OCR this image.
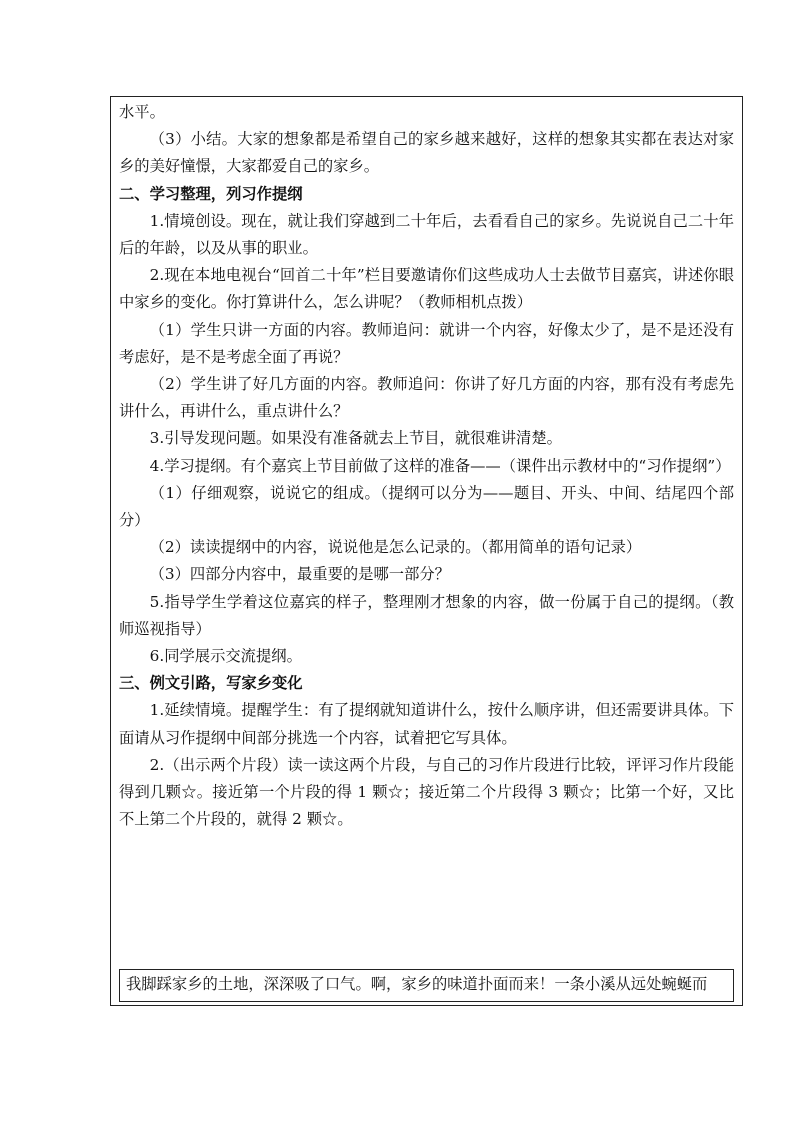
水平。

（3）小结。大家的想象都是希望自己的家乡越来越好，这样的想象其实都在表达对家乡的美好憧憬，大家都爱自己的家乡。

二、学习整理，列习作提纲

1.情境创设。现在，就让我们穿越到二十年后，去看看自己的家乡。先说说自己二十年后的年龄，以及从事的职业。

2.现在本地电视台“回首二十年”栏目要邀请你们这些成功人士去做节目嘉宾，讲述你眼中家乡的变化。你打算讲什么，怎么讲呢？（教师相机点拨）

（1）学生只讲一方面的内容。教师追问：就讲一个内容，好像太少了，是不是还没有考虑好，是不是考虑全面了再说？

（2）学生讲了好几方面的内容。教师追问：你讲了好几方面的内容，那有没有考虑先讲什么，再讲什么，重点讲什么？

3.引导发现问题。如果没有准备就去上节目，就很难讲清楚。

4.学习提纲。有个嘉宾上节目前做了这样的准备——（课件出示教材中的“习作提纲”）

（1）仔细观察，说说它的组成。（提纲可以分为——题目、开头、中间、结尾四个部分）

（2）读读提纲中的内容，说说他是怎么记录的。（都用简单的语句记录）

（3）四部分内容中，最重要的是哪一部分？

5.指导学生学着这位嘉宾的样子，整理刚才想象的内容，做一份属于自己的提纲。（教师巡视指导）

6.同学展示交流提纲。

三、例文引路，写家乡变化

1.延续情境。提醒学生：有了提纲就知道讲什么，按什么顺序讲，但还需要讲具体。下面请从习作提纲中间部分挑选一个内容，试着把它写具体。

2.（出示两个片段）读一读这两个片段，与自己的习作片段进行比较，评评习作片段能得到几颗☆。接近第一个片段的得 1 颗☆；接近第二个片段得 3 颗☆；比第一个好，又比不上第二个片段的，就得 2 颗☆。

我脚踩家乡的土地，深深吸了口气。啊，家乡的味道扑面而来！一条小溪从远处蜿蜒而
